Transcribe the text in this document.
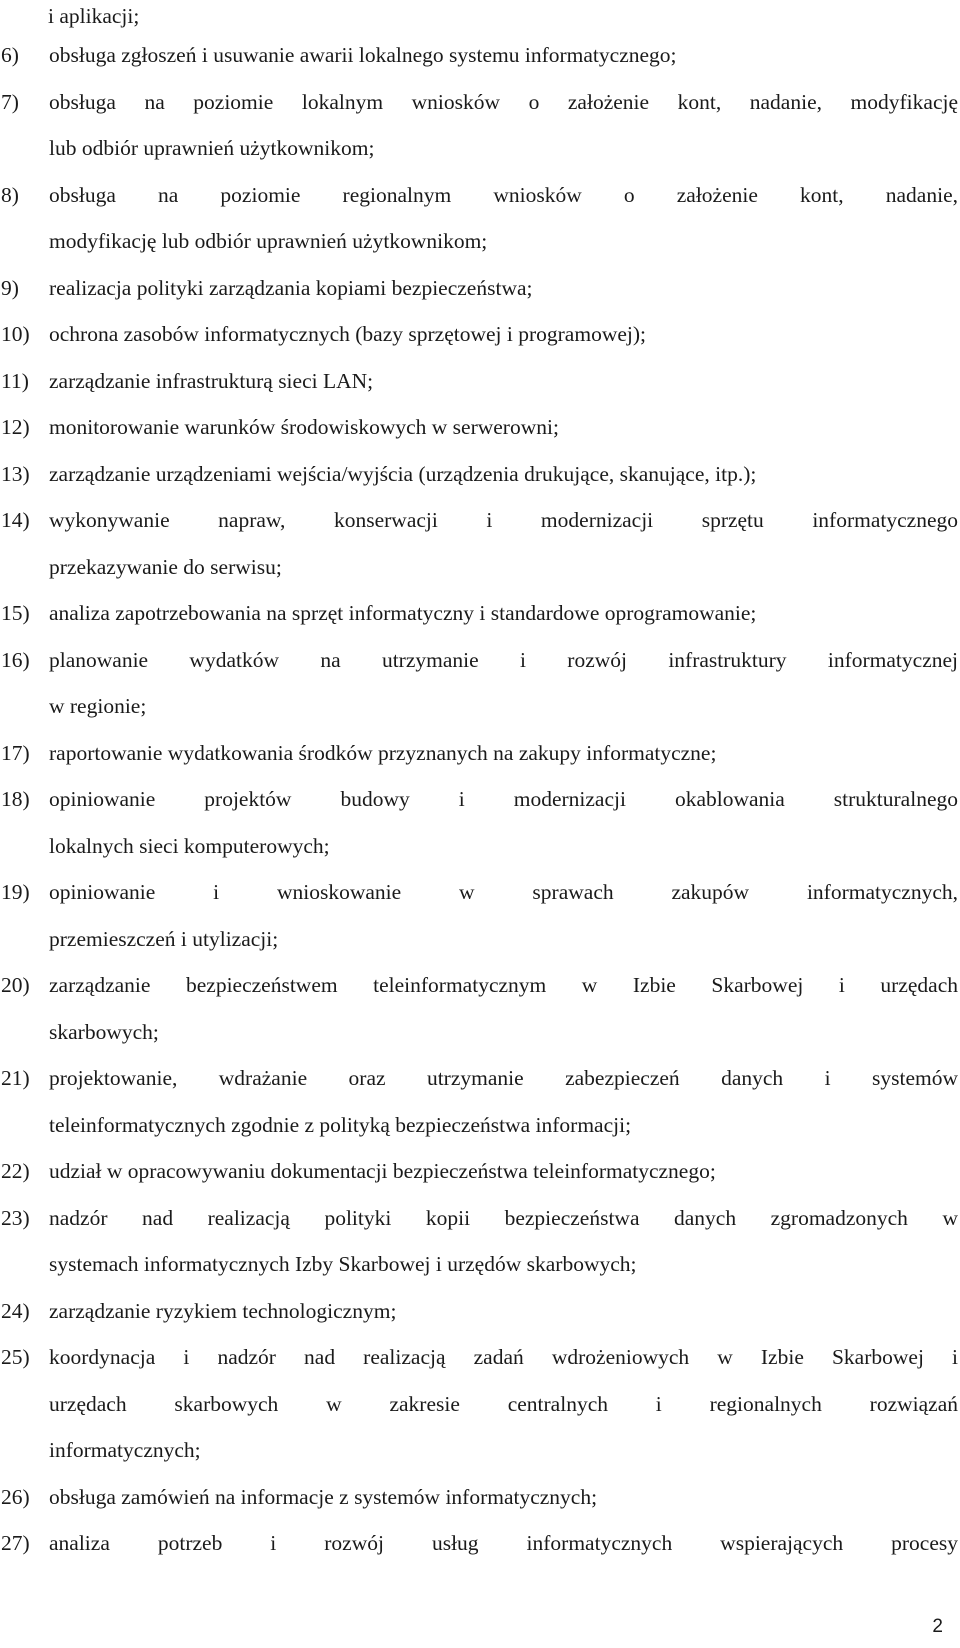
i aplikacji;
6)	obsługa zgłoszeń i usuwanie awarii lokalnego systemu informatycznego;
7)	obsługa na poziomie lokalnym wniosków o założenie kont, nadanie, modyfikację
lub odbiór uprawnień użytkownikom;
8)	obsługa na poziomie regionalnym wniosków o założenie kont, nadanie,
modyfikację lub odbiór uprawnień użytkownikom;
9)	realizacja polityki zarządzania kopiami bezpieczeństwa;
10) ochrona zasobów informatycznych (bazy sprzętowej i programowej);
11) zarządzanie infrastrukturą sieci LAN;
12) monitorowanie warunków środowiskowych w serwerowni;
13) zarządzanie urządzeniami wejścia/wyjścia (urządzenia drukujące, skanujące, itp.);
14) wykonywanie napraw, konserwacji i modernizacji sprzętu informatycznego
przekazywanie do serwisu;
15) analiza zapotrzebowania na sprzęt informatyczny i standardowe oprogramowanie;
16) planowanie wydatków na utrzymanie i rozwój infrastruktury informatycznej
w regionie;
17) raportowanie wydatkowania środków przyznanych na zakupy informatyczne;
18) opiniowanie projektów budowy i modernizacji okablowania strukturalnego
lokalnych sieci komputerowych;
19) opiniowanie i wnioskowanie w sprawach zakupów informatycznych,
przemieszczeń i utylizacji;
20) zarządzanie bezpieczeństwem teleinformatycznym w Izbie Skarbowej i urzędach
skarbowych;
21) projektowanie, wdrażanie oraz utrzymanie zabezpieczeń danych i systemów
teleinformatycznych zgodnie z polityką bezpieczeństwa informacji;
22) udział w opracowywaniu dokumentacji bezpieczeństwa teleinformatycznego;
23) nadzór nad realizacją polityki kopii bezpieczeństwa danych zgromadzonych w
systemach informatycznych Izby Skarbowej i urzędów skarbowych;
24) zarządzanie ryzykiem technologicznym;
25) koordynacja i nadzór nad realizacją zadań wdrożeniowych w Izbie Skarbowej i
urzędach skarbowych w zakresie centralnych i regionalnych rozwiązań
informatycznych;
26) obsługa zamówień na informacje z systemów informatycznych;
27) analiza potrzeb i rozwój usług informatycznych wspierających procesy
2
